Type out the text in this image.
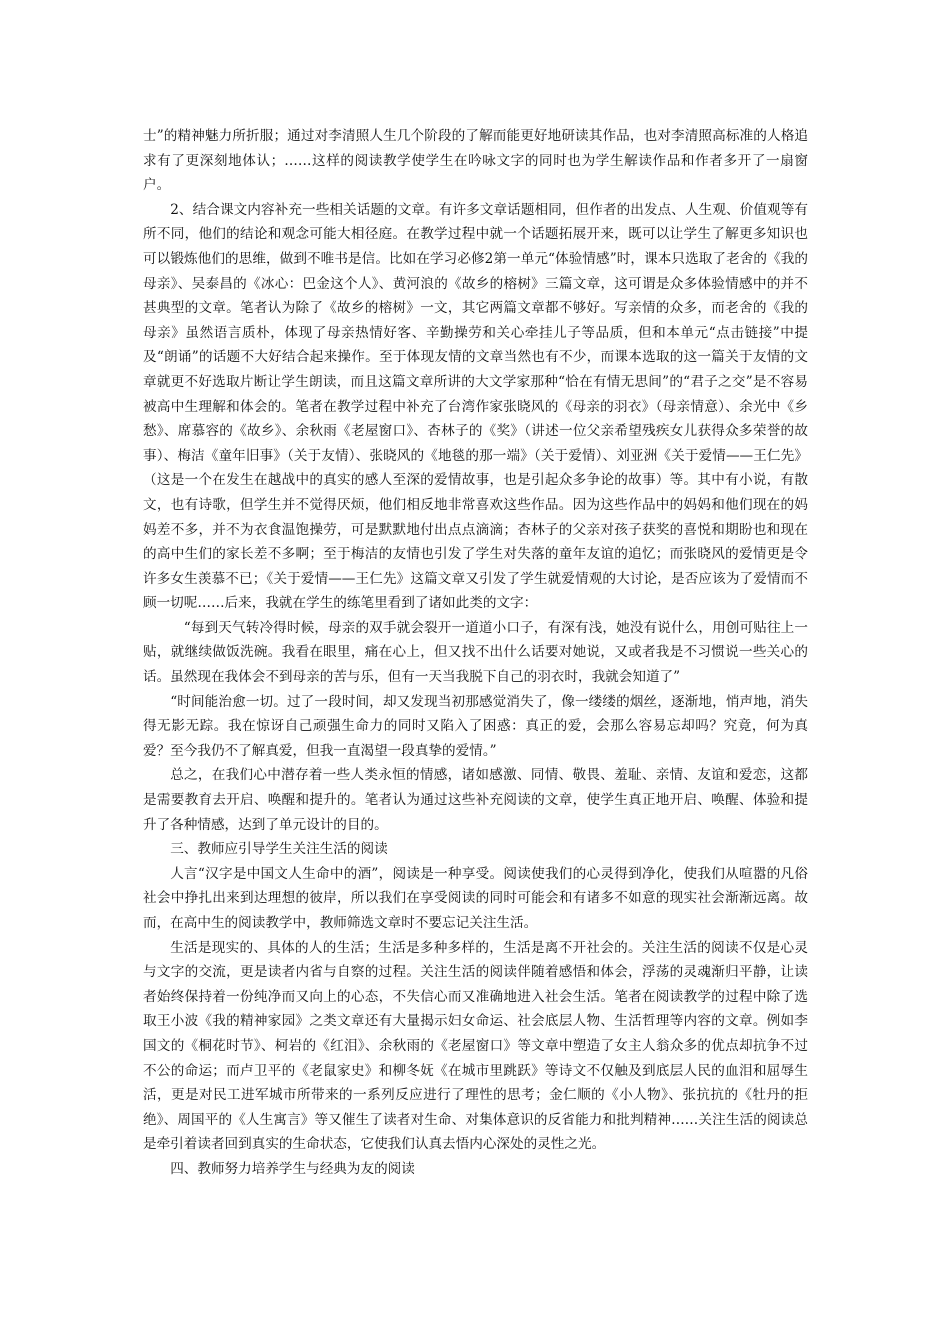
士”的精神魅力所折服；通过对李清照人生几个阶段的了解而能更好地研读其作品，也对李清照高标准的人格追求有了更深刻地体认；……这样的阅读教学使学生在吟咏文字的同时也为学生解读作品和作者多开了一扇窗户。

2、结合课文内容补充一些相关话题的文章。有许多文章话题相同，但作者的出发点、人生观、价值观等有所不同，他们的结论和观念可能大相径庭。在教学过程中就一个话题拓展开来，既可以让学生了解更多知识也可以锻炼他们的思维，做到不唯书是信。比如在学习必修2第一单元“体验情感”时，课本只选取了老舍的《我的母亲》、吴泰昌的《冰心：巴金这个人》、黄河浪的《故乡的榕树》三篇文章，这可谓是众多体验情感中的并不甚典型的文章。笔者认为除了《故乡的榕树》一文，其它两篇文章都不够好。写亲情的众多，而老舍的《我的母亲》虽然语言质朴，体现了母亲热情好客、辛勤操劳和关心牵挂儿子等品质，但和本单元“点击链接”中提及“朗诵”的话题不大好结合起来操作。至于体现友情的文章当然也有不少，而课本选取的这一篇关于友情的文章就更不好选取片断让学生朗读，而且这篇文章所讲的大文学家那种“恰在有情无思间”的“君子之交”是不容易被高中生理解和体会的。笔者在教学过程中补充了台湾作家张晓风的《母亲的羽衣》（母亲情意）、余光中《乡愁》、席慕容的《故乡》、余秋雨《老屋窗口》、杏林子的《奖》（讲述一位父亲希望残疾女儿获得众多荣誉的故事）、梅洁《童年旧事》（关于友情）、张晓风的《地毯的那一端》（关于爱情）、刘亚洲《关于爱情——王仁先》（这是一个在发生在越战中的真实的感人至深的爱情故事，也是引起众多争论的故事）等。其中有小说，有散文，也有诗歌，但学生并不觉得厌烦，他们相反地非常喜欢这些作品。因为这些作品中的妈妈和他们现在的妈妈差不多，并不为衣食温饱操劳，可是默默地付出点点滴滴；杏林子的父亲对孩子获奖的喜悦和期盼也和现在的高中生们的家长差不多啊；至于梅洁的友情也引发了学生对失落的童年友谊的追忆；而张晓风的爱情更是令许多女生羡慕不已；《关于爱情——王仁先》这篇文章又引发了学生就爱情观的大讨论，是否应该为了爱情而不顾一切呢……后来，我就在学生的练笔里看到了诸如此类的文字：

“每到天气转冷得时候，母亲的双手就会裂开一道道小口子，有深有浅，她没有说什么，用创可贴往上一贴，就继续做饭洗碗。我看在眼里，痛在心上，但又找不出什么话要对她说，又或者我是不习惯说一些关心的话。虽然现在我体会不到母亲的苦与乐，但有一天当我脱下自己的羽衣时，我就会知道了”

“时间能治愈一切。过了一段时间，却又发现当初那感觉消失了，像一缕缕的烟丝，逐渐地，悄声地，消失得无影无踪。我在惊讶自己顽强生命力的同时又陷入了困惑：真正的爱，会那么容易忘却吗？究竟，何为真爱？至今我仍不了解真爱，但我一直渴望一段真挚的爱情。”

总之，在我们心中潜存着一些人类永恒的情感，诸如感激、同情、敬畏、羞耻、亲情、友谊和爱恋，这都是需要教育去开启、唤醒和提升的。笔者认为通过这些补充阅读的文章，使学生真正地开启、唤醒、体验和提升了各种情感，达到了单元设计的目的。

三、教师应引导学生关注生活的阅读

人言“汉字是中国文人生命中的酒”，阅读是一种享受。阅读使我们的心灵得到净化，使我们从喧嚣的凡俗社会中挣扎出来到达理想的彼岸，所以我们在享受阅读的同时可能会和有诸多不如意的现实社会渐渐远离。故而，在高中生的阅读教学中，教师筛选文章时不要忘记关注生活。

生活是现实的、具体的人的生活；生活是多种多样的，生活是离不开社会的。关注生活的阅读不仅是心灵与文字的交流，更是读者内省与自察的过程。关注生活的阅读伴随着感悟和体会，浮荡的灵魂渐归平静，让读者始终保持着一份纯净而又向上的心态，不失信心而又准确地进入社会生活。笔者在阅读教学的过程中除了选取王小波《我的精神家园》之类文章还有大量揭示妇女命运、社会底层人物、生活哲理等内容的文章。例如李国文的《桐花时节》、柯岩的《红泪》、余秋雨的《老屋窗口》等文章中塑造了女主人翁众多的优点却抗争不过不公的命运；而卢卫平的《老鼠家史》和柳冬妩《在城市里跳跃》等诗文不仅触及到底层人民的血泪和屈辱生活，更是对民工进军城市所带来的一系列反应进行了理性的思考；金仁顺的《小人物》、张抗抗的《牡丹的拒绝》、周国平的《人生寓言》等又催生了读者对生命、对集体意识的反省能力和批判精神……关注生活的阅读总是牵引着读者回到真实的生命状态，它使我们认真去悟内心深处的灵性之光。

四、教师努力培养学生与经典为友的阅读
